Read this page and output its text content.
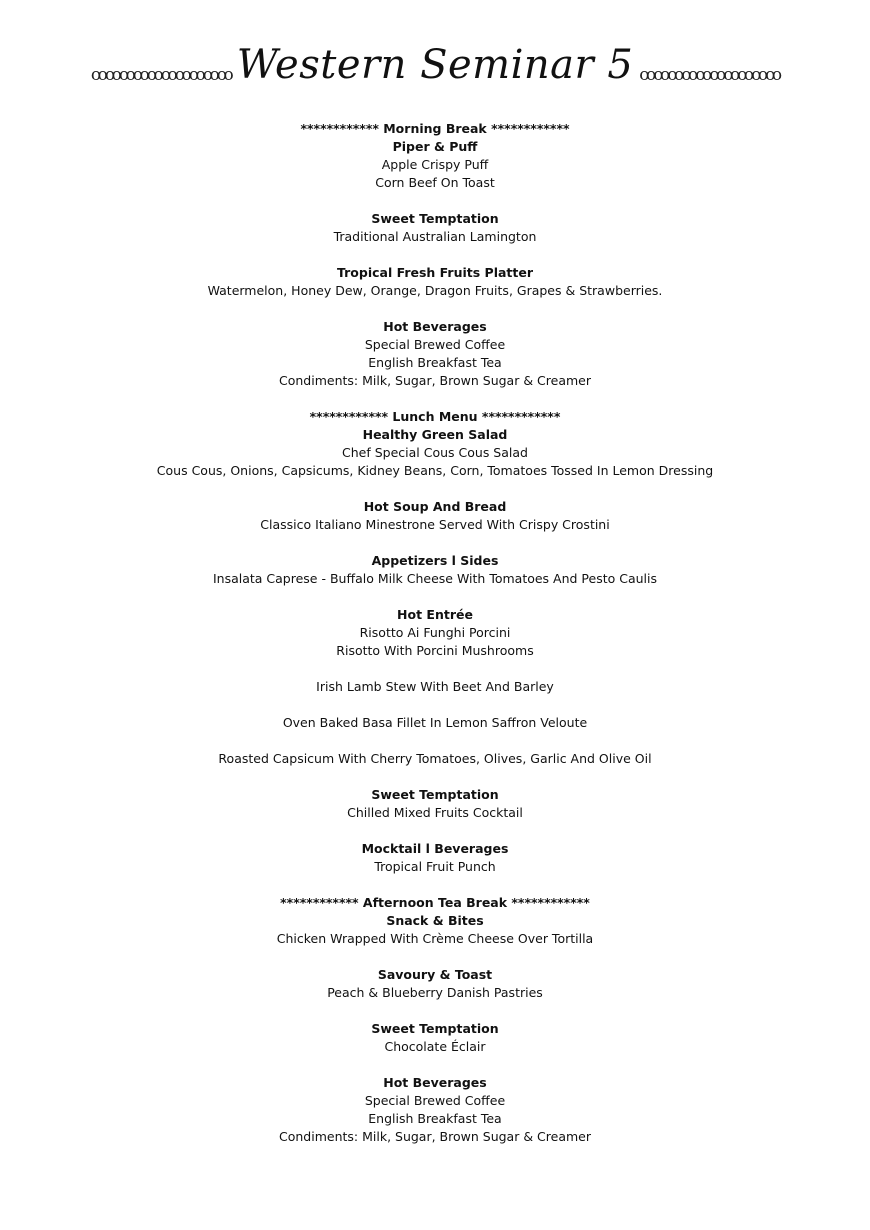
ꝏꝏꝏꝏꝏꝏꝏꝏꝏꝏ Western Seminar 5 ꝏꝏꝏꝏꝏꝏꝏꝏꝏꝏ
************ Morning Break ************
Piper & Puff
Apple Crispy Puff
Corn Beef On Toast
Sweet Temptation
Traditional Australian Lamington
Tropical Fresh Fruits Platter
Watermelon, Honey Dew, Orange, Dragon Fruits, Grapes & Strawberries.
Hot Beverages
Special Brewed Coffee
English Breakfast Tea
Condiments: Milk, Sugar, Brown Sugar & Creamer
************ Lunch Menu ************
Healthy Green Salad
Chef Special Cous Cous Salad
Cous Cous, Onions, Capsicums, Kidney Beans, Corn, Tomatoes Tossed In Lemon Dressing
Hot Soup And Bread
Classico Italiano Minestrone Served With Crispy Crostini
Appetizers l Sides
Insalata Caprese - Buffalo Milk Cheese With Tomatoes And Pesto Caulis
Hot Entrée
Risotto Ai Funghi Porcini
Risotto With Porcini Mushrooms
Irish Lamb Stew With Beet And Barley
Oven Baked Basa Fillet In Lemon Saffron Veloute
Roasted Capsicum With Cherry Tomatoes, Olives, Garlic And Olive Oil
Sweet Temptation
Chilled Mixed Fruits Cocktail
Mocktail l Beverages
Tropical Fruit Punch
************ Afternoon Tea Break ************
Snack & Bites
Chicken Wrapped With Crème Cheese Over Tortilla
Savoury & Toast
Peach & Blueberry Danish Pastries
Sweet Temptation
Chocolate Éclair
Hot Beverages
Special Brewed Coffee
English Breakfast Tea
Condiments: Milk, Sugar, Brown Sugar & Creamer
